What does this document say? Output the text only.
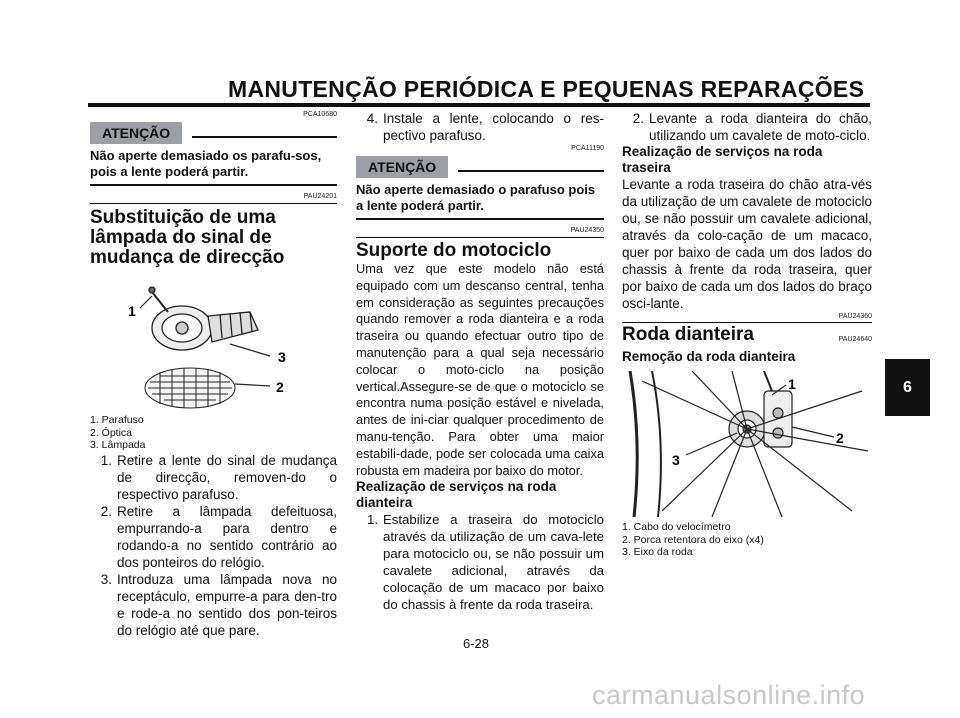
MANUTENÇÃO PERIÓDICA E PEQUENAS REPARAÇÕES
6
PCA10680
ATENÇÃO
Não aperte demasiado os parafu-sos, pois a lente poderá partir.
PAU24201
Substituição de uma lâmpada do sinal de mudança de direcção
1
3
2
1. Parafuso
2. Óptica
3. Lâmpada
1. Retire a lente do sinal de mudança de direcção, removen-do o respectivo parafuso.
2. Retire a lâmpada defeituosa, empurrando-a para dentro e rodando-a no sentido contrário ao dos ponteiros do relógio.
3. Introduza uma lâmpada nova no receptáculo, empurre-a para den-tro e rode-a no sentido dos pon-teiros do relógio até que pare.
4. Instale a lente, colocando o res-pectivo parafuso.
PCA11190
ATENÇÃO
Não aperte demasiado o parafuso pois a lente poderá partir.
PAU24350
Suporte do motociclo
Uma vez que este modelo não está equipado com um descanso central, tenha em consideração as seguintes precauções quando remover a roda dianteira e a roda traseira ou quando efectuar outro tipo de manutenção para a qual seja necessário colocar o moto-ciclo na posição vertical.Assegure-se de que o motociclo se encontra numa posição estável e nivelada, antes de ini-ciar qualquer procedimento de manu-tenção. Para obter uma maior estabili-dade, pode ser colocada uma caixa robusta em madeira por baixo do motor.
Realização de serviços na roda dianteira
1. Estabilize a traseira do motociclo através da utilização de um cava-lete para motociclo ou, se não possuir um cavalete adicional, através da colocação de um macaco por baixo do chassis à frente da roda traseira.
2. Levante a roda dianteira do chão, utilizando um cavalete de moto-ciclo.
Realização de serviços na roda traseira
Levante a roda traseira do chão atra-vés da utilização de um cavalete de motociclo ou, se não possuir um cavalete adicional, através da colo-cação de um macaco, quer por baixo de cada um dos lados do chassis à frente da roda traseira, quer por baixo de cada um dos lados do braço osci-lante.
PAU24360
Roda dianteira	PAU24640
Remoção da roda dianteira
1
2
3
1. Cabo do velocímetro
2. Porca retentora do eixo (x4)
3. Eixo da roda
6-28
carmanualsonline.info
